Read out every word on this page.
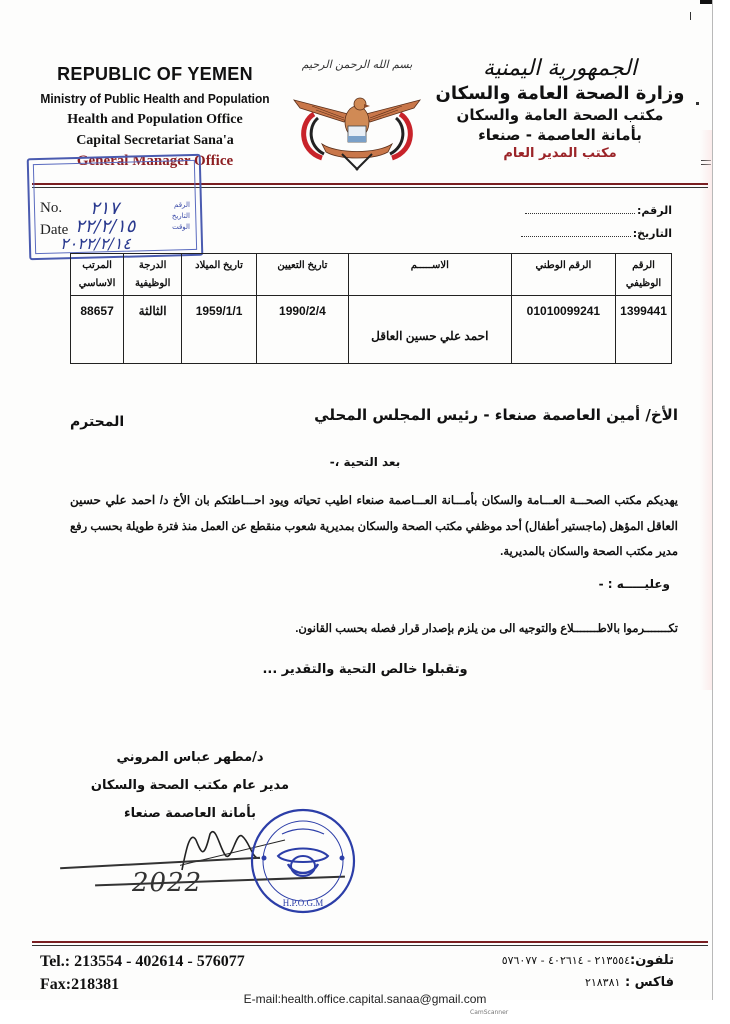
REPUBLIC OF YEMEN
Ministry of Public Health and Population
Health and Population Office
Capital Secretariat Sana'a
General Manager Office
بسم الله الرحمن الرحيم	الجمهورية اليمنية
وزارة الصحة العامة والسكان
مكتب الصحة العامة والسكان
بأمانة العاصمة - صنعاء
مكتب المدير العام
الرقم:
التاريخ:
No.
Date
٢١٧
٢٢/٢/١٥
٢٠٢٢/٢/١٤
الرقم
التاريخ
الوقت
الرقم الوظيفي	الرقم الوطني	الاســـــم	تاريخ التعيين	تاريخ الميلاد	الدرجة الوظيفية	المرتب الاساسي
1399441	01010099241	احمد علي حسين العاقل	1990/2/4	1959/1/1	الثالثة	88657
الأخ/ أمين العاصمة صنعاء - رئيس المجلس المحلي
المحترم
بعد التحية ،-
يهديكم مكتب الصحـــة العـــامة والسكان بأمـــانة العـــاصمة صنعاء اطيب تحياته ويود احـــاطتكم بان الأخ د/ احمد علي حسين العاقل المؤهل (ماجستير أطفال) أحد موظفي مكتب الصحة والسكان بمديرية شعوب منقطع عن العمل منذ فترة طويلة بحسب رفع مدير مكتب الصحة والسكان بالمديرية.
وعليـــــه : -
تكـــــــرموا بالاطـــــــلاع والتوجيه الى من يلزم بإصدار قرار فصله بحسب القانون.
وتقبلوا خالص التحية والتقدير ...
د/مطهر عباس المروني
مدير عام مكتب الصحة والسكان
بأمانة العاصمة صنعاء
2022
H.P.O.G.M
Tel.: 213554 - 402614 - 576077
Fax:218381
تلفون:٢١٣٥٥٤ - ٤٠٢٦١٤ - ٥٧٦٠٧٧
فاكس : ٢١٨٣٨١
E-mail:health.office.capital.sanaa@gmail.com
CamScanner
